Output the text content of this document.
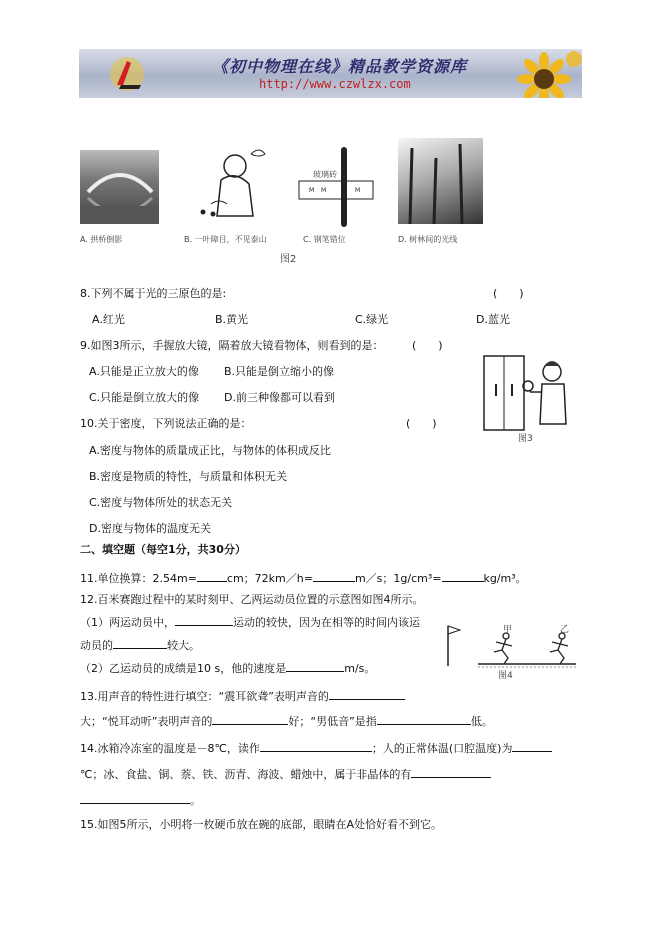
《初中物理在线》精品教学资源库
http://www.czwlzx.com
M M	M
玻璃砖
A. 拱桥倒影	B. 一叶障目，不见泰山	C. 钢笔错位	D. 树林间的光线
图2
8.下列不属于光的三原色的是:	(　　)
A.红光	B.黄光	C.绿光	D.蓝光
9.如图3所示，手握放大镜，隔着放大镜看物体，则看到的是：	(　　)
A.只能是正立放大的像 B.只能是倒立缩小的像
C.只能是倒立放大的像 D.前三种像都可以看到
图3
10.关于密度，下列说法正确的是：	(　　)
A.密度与物体的质量成正比，与物体的体积成反比
B.密度是物质的特性，与质量和体积无关
C.密度与物体所处的状态无关
D.密度与物体的温度无关
二、填空题（每空1分，共30分）
11.单位换算：2.54m=	cm；72km／h=	m／s；1g/cm³=	kg/m³。
12.百米赛跑过程中的某时刻甲、乙两运动员位置的示意图如图4所示。
（1）两运动员中，	运动的较快，因为在相等的时间内该运
动员的	较大。
（2）乙运动员的成绩是10 s，他的速度是	m/s。
甲	乙
图4
13.用声音的特性进行填空：“震耳欲聋”表明声音的
大；“悦耳动听”表明声音的	好；“男低音”是指	低。
14.冰箱冷冻室的温度是－8℃，读作	；人的正常体温(口腔温度)为
℃；冰、食盐、铜、萘、铁、沥青、海波、蜡烛中，属于非晶体的有
。
15.如图5所示，小明将一枚硬币放在碗的底部，眼睛在A处恰好看不到它。
